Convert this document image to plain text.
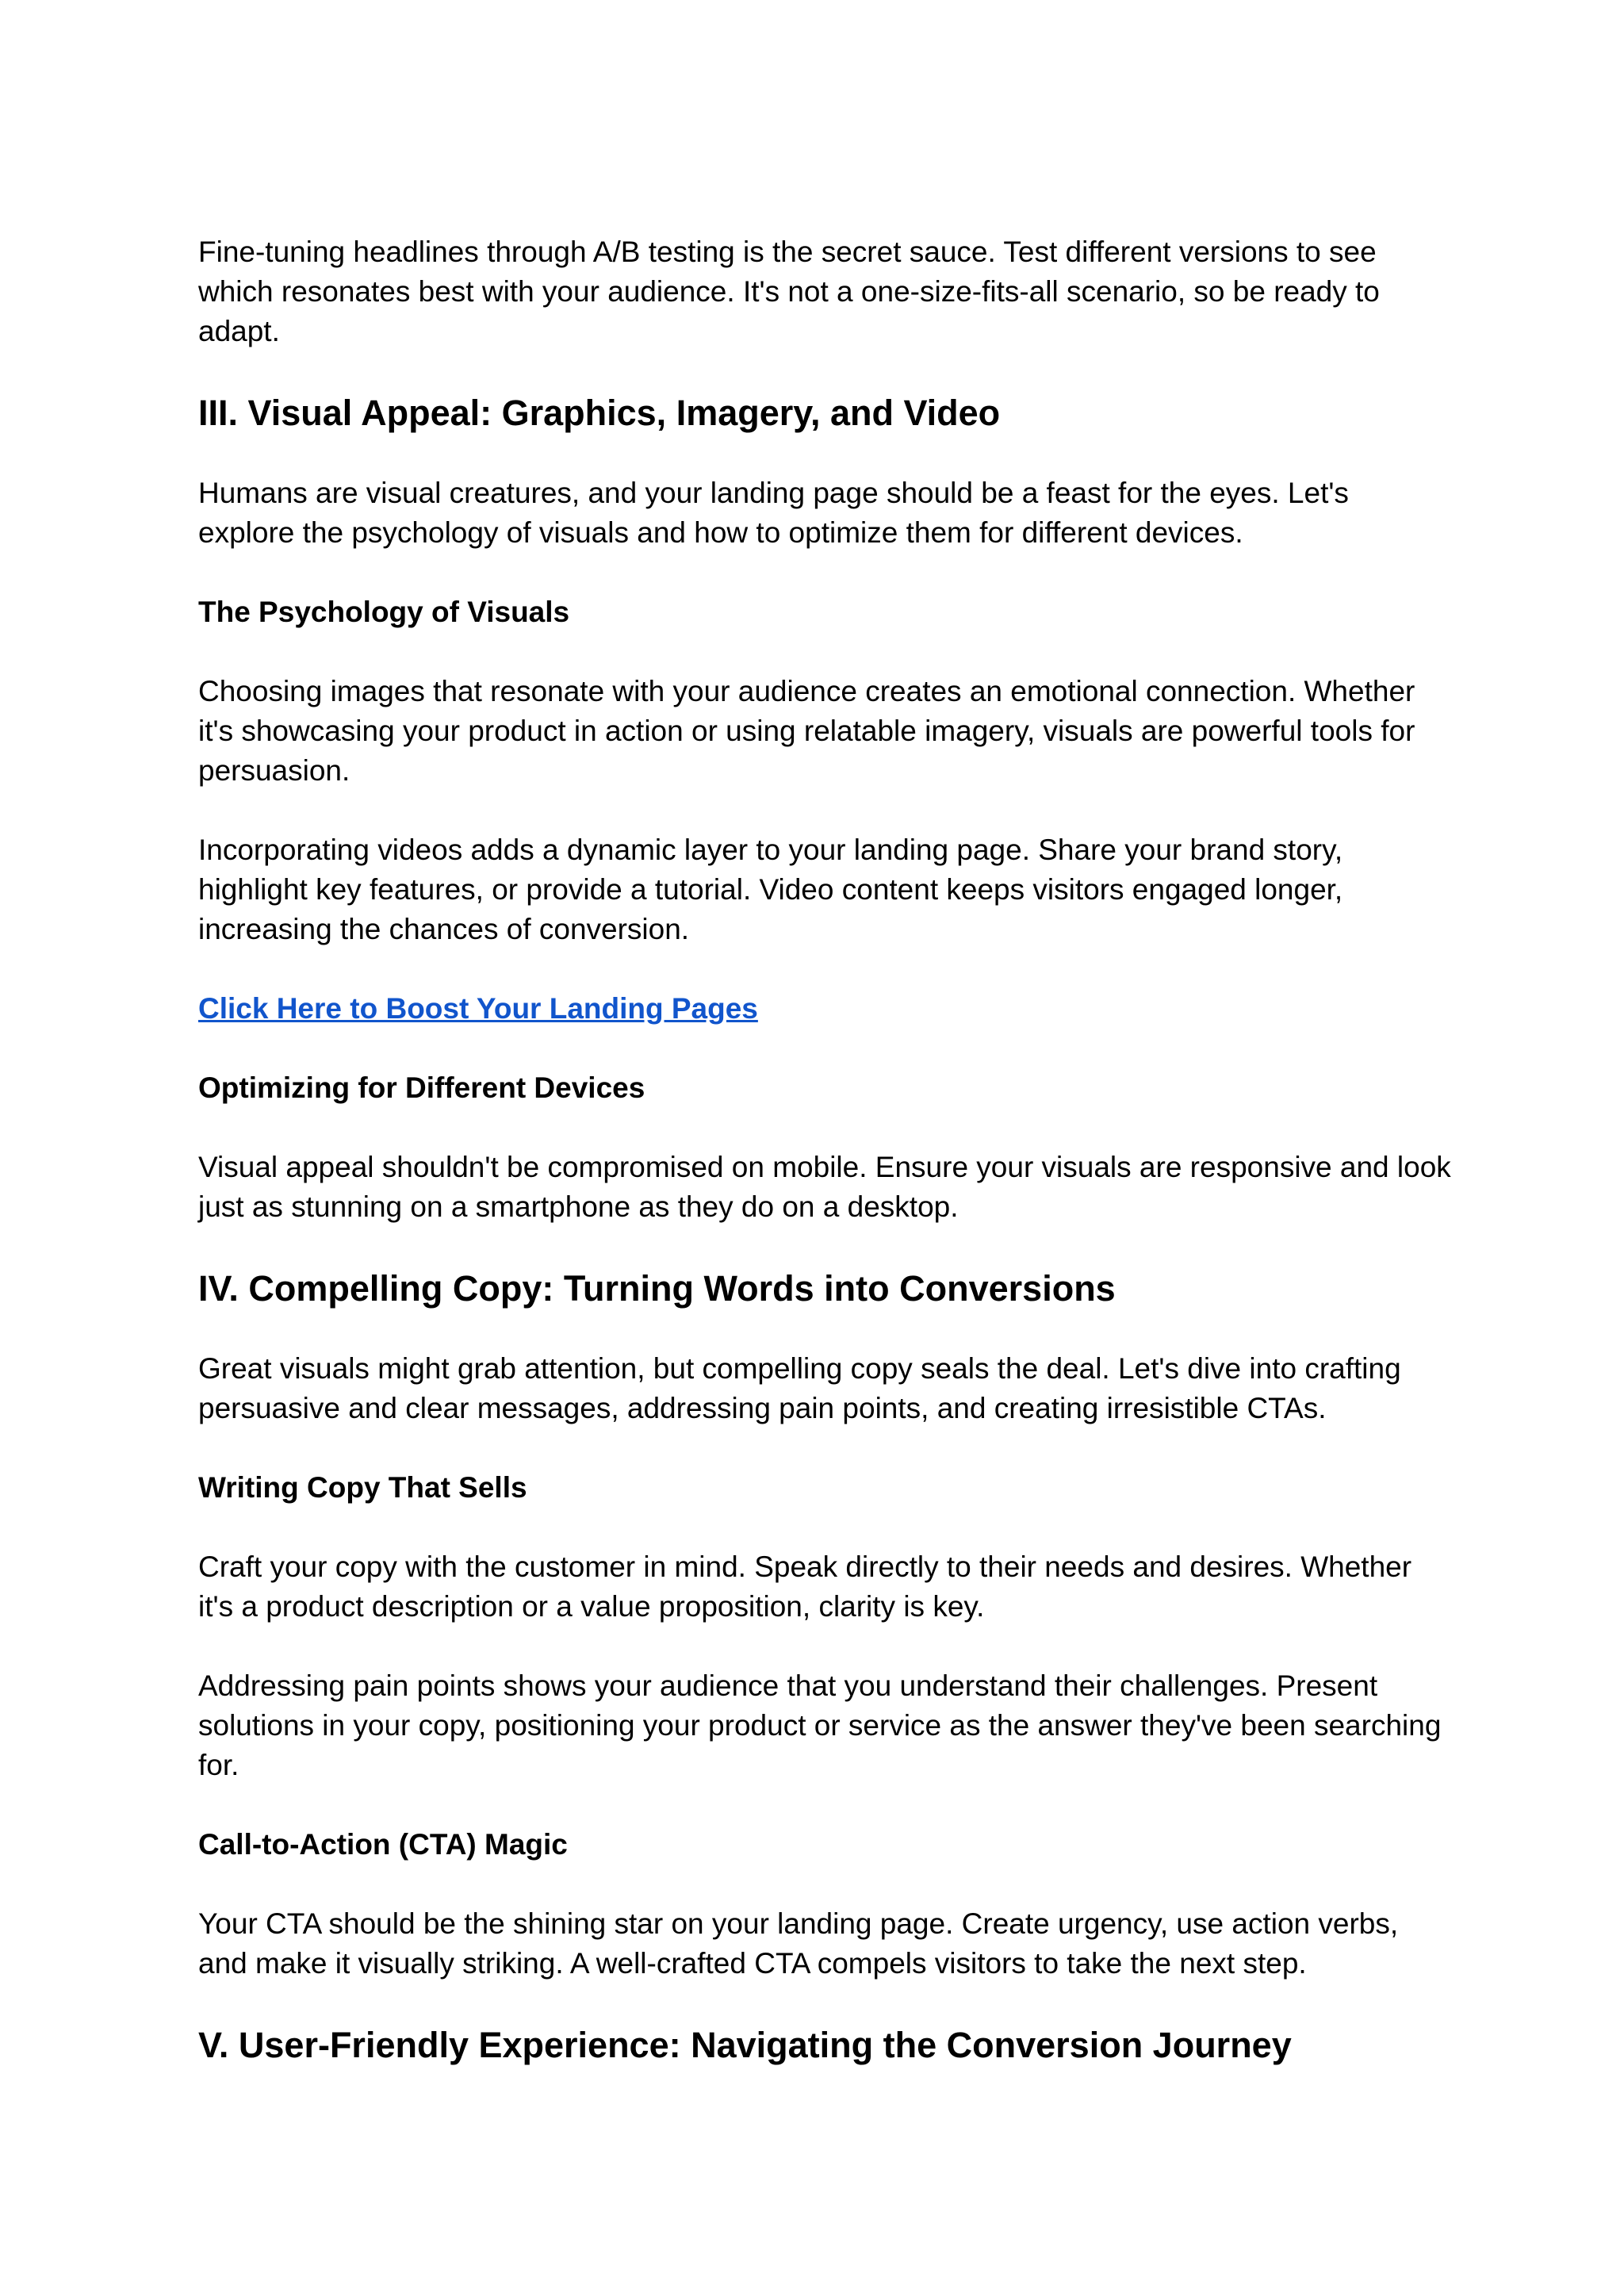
Fine-tuning headlines through A/B testing is the secret sauce. Test different versions to see which resonates best with your audience. It's not a one-size-fits-all scenario, so be ready to adapt.

III. Visual Appeal: Graphics, Imagery, and Video

Humans are visual creatures, and your landing page should be a feast for the eyes. Let's explore the psychology of visuals and how to optimize them for different devices.

The Psychology of Visuals

Choosing images that resonate with your audience creates an emotional connection. Whether it's showcasing your product in action or using relatable imagery, visuals are powerful tools for persuasion.

Incorporating videos adds a dynamic layer to your landing page. Share your brand story, highlight key features, or provide a tutorial. Video content keeps visitors engaged longer, increasing the chances of conversion.

Click Here to Boost Your Landing Pages
Optimizing for Different Devices

Visual appeal shouldn't be compromised on mobile. Ensure your visuals are responsive and look just as stunning on a smartphone as they do on a desktop.

IV. Compelling Copy: Turning Words into Conversions

Great visuals might grab attention, but compelling copy seals the deal. Let's dive into crafting persuasive and clear messages, addressing pain points, and creating irresistible CTAs.

Writing Copy That Sells

Craft your copy with the customer in mind. Speak directly to their needs and desires. Whether it's a product description or a value proposition, clarity is key.

Addressing pain points shows your audience that you understand their challenges. Present solutions in your copy, positioning your product or service as the answer they've been searching for.

Call-to-Action (CTA) Magic

Your CTA should be the shining star on your landing page. Create urgency, use action verbs, and make it visually striking. A well-crafted CTA compels visitors to take the next step.

V. User-Friendly Experience: Navigating the Conversion Journey
